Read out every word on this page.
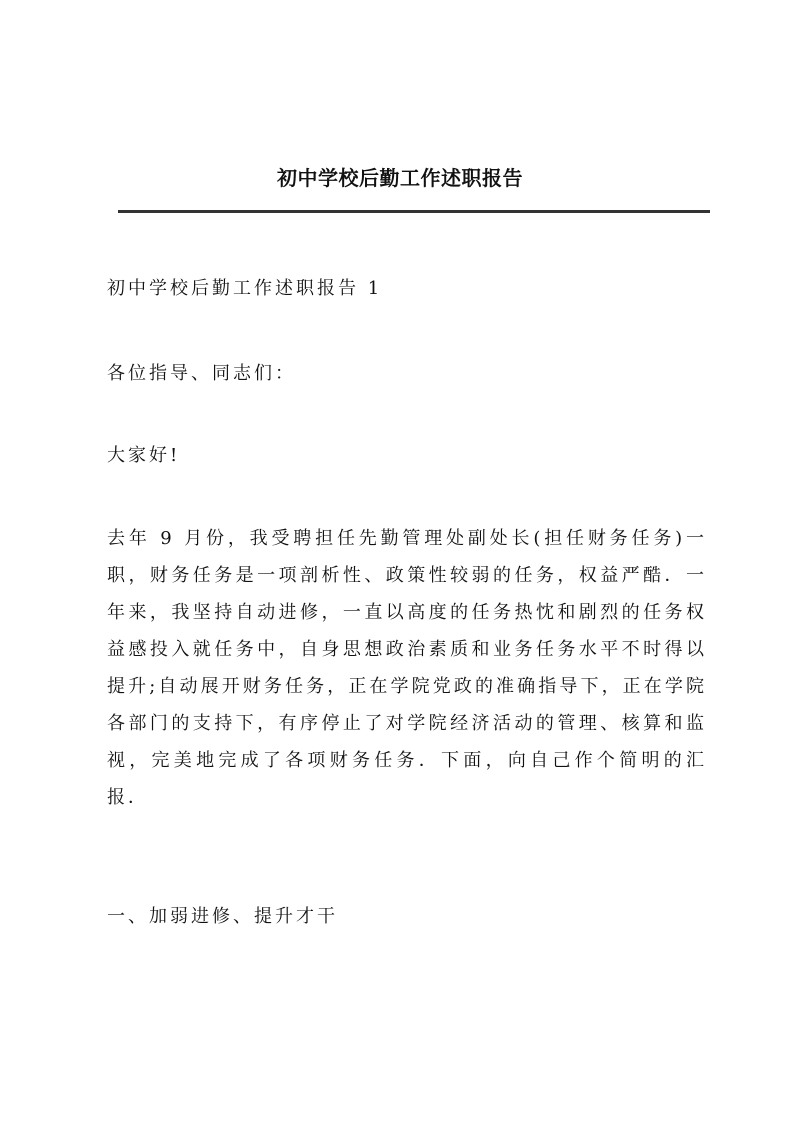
初中学校后勤工作述职报告

初中学校后勤工作述职报告 1

各位指导、同志们：

大家好!

去年 9 月份，我受聘担任先勤管理处副处长(担任财务任务)一职，财务任务是一项剖析性、政策性较弱的任务，权益严酷．一年来，我坚持自动进修，一直以高度的任务热忱和剧烈的任务权益感投入就任务中，自身思想政治素质和业务任务水平不时得以提升;自动展开财务任务，正在学院党政的准确指导下，正在学院各部门的支持下，有序停止了对学院经济活动的管理、核算和监视，完美地完成了各项财务任务．下面，向自己作个简明的汇报．

一、加弱进修、提升才干
